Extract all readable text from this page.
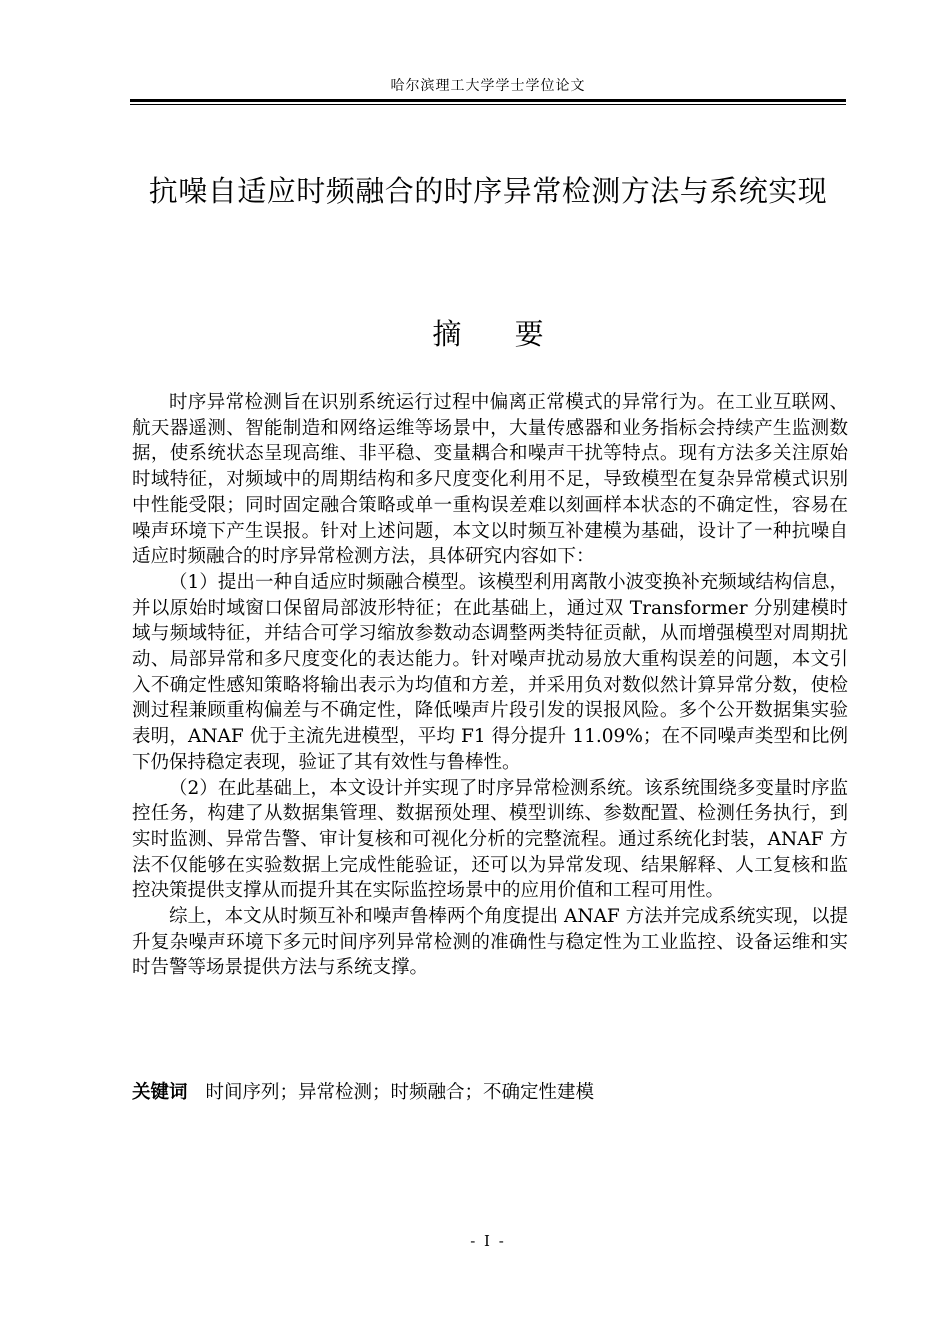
哈尔滨理工大学学士学位论文
抗噪自适应时频融合的时序异常检测方法与系统实现
摘 要

时序异常检测旨在识别系统运行过程中偏离正常模式的异常行为。在工业互联网、航天器遥测、智能制造和网络运维等场景中，大量传感器和业务指标会持续产生监测数据，使系统状态呈现高维、非平稳、变量耦合和噪声干扰等特点。现有方法多关注原始时域特征，对频域中的周期结构和多尺度变化利用不足，导致模型在复杂异常模式识别中性能受限；同时固定融合策略或单一重构误差难以刻画样本状态的不确定性，容易在噪声环境下产生误报。针对上述问题，本文以时频互补建模为基础，设计了一种抗噪自适应时频融合的时序异常检测方法，具体研究内容如下：

（1）提出一种自适应时频融合模型。该模型利用离散小波变换补充频域结构信息，并以原始时域窗口保留局部波形特征；在此基础上，通过双 Transformer 分别建模时域与频域特征，并结合可学习缩放参数动态调整两类特征贡献，从而增强模型对周期扰动、局部异常和多尺度变化的表达能力。针对噪声扰动易放大重构误差的问题，本文引入不确定性感知策略将输出表示为均值和方差，并采用负对数似然计算异常分数，使检测过程兼顾重构偏差与不确定性，降低噪声片段引发的误报风险。多个公开数据集实验表明，ANAF 优于主流先进模型，平均 F1 得分提升 11.09%；在不同噪声类型和比例下仍保持稳定表现，验证了其有效性与鲁棒性。

（2）在此基础上，本文设计并实现了时序异常检测系统。该系统围绕多变量时序监控任务，构建了从数据集管理、数据预处理、模型训练、参数配置、检测任务执行，到实时监测、异常告警、审计复核和可视化分析的完整流程。通过系统化封装，ANAF 方法不仅能够在实验数据上完成性能验证，还可以为异常发现、结果解释、人工复核和监控决策提供支撑从而提升其在实际监控场景中的应用价值和工程可用性。

综上，本文从时频互补和噪声鲁棒两个角度提出 ANAF 方法并完成系统实现，以提升复杂噪声环境下多元时间序列异常检测的准确性与稳定性为工业监控、设备运维和实时告警等场景提供方法与系统支撑。

关键词 时间序列；异常检测；时频融合；不确定性建模
- I -
